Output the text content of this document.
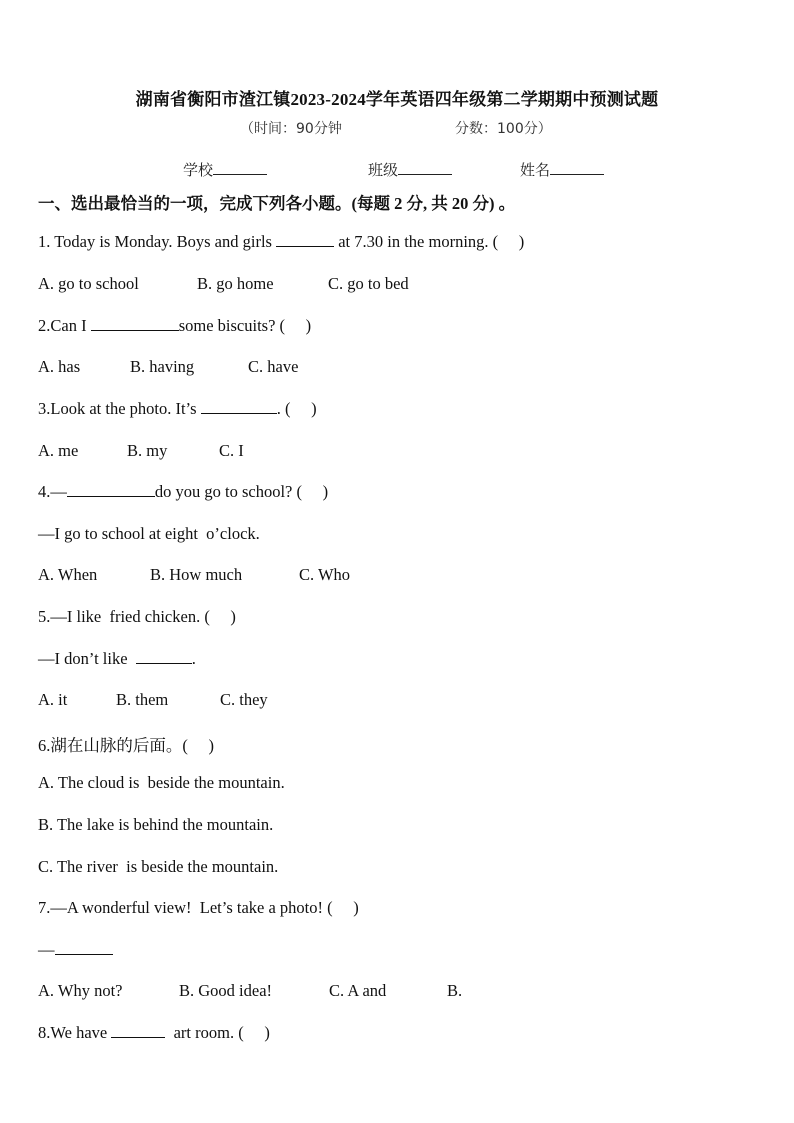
湖南省衡阳市渣江镇2023-2024学年英语四年级第二学期期中预测试题
（时间：90分钟	分数：100分）
学校	班级	姓名
一、选出最恰当的一项，完成下列各小题。(每题 2 分, 共 20 分) 。
1. Today is Monday. Boys and girls	at 7.30 in the morning. (     )
A. go to school	B. go home	C. go to bed
2.Can I	some biscuits? (     )
A. has	B. having	C. have
3.Look at the photo. It’s	. (     )
A. me	B. my	C. I
4.—	do you go to school? (     )
—I go to school at eight  o’clock.
A. When	B. How much	C. Who
5.—I like  fried chicken. (     )
—I don’t like	.
A. it	B. them	C. they
6.湖在山脉的后面。(     )
A. The cloud is  beside the mountain.
B. The lake is behind the mountain.
C. The river  is beside the mountain.
7.—A wonderful view!  Let’s take a photo! (     )
—
A. Why not?	B. Good idea!	C. A and	B.
8.We have	art room. (     )
